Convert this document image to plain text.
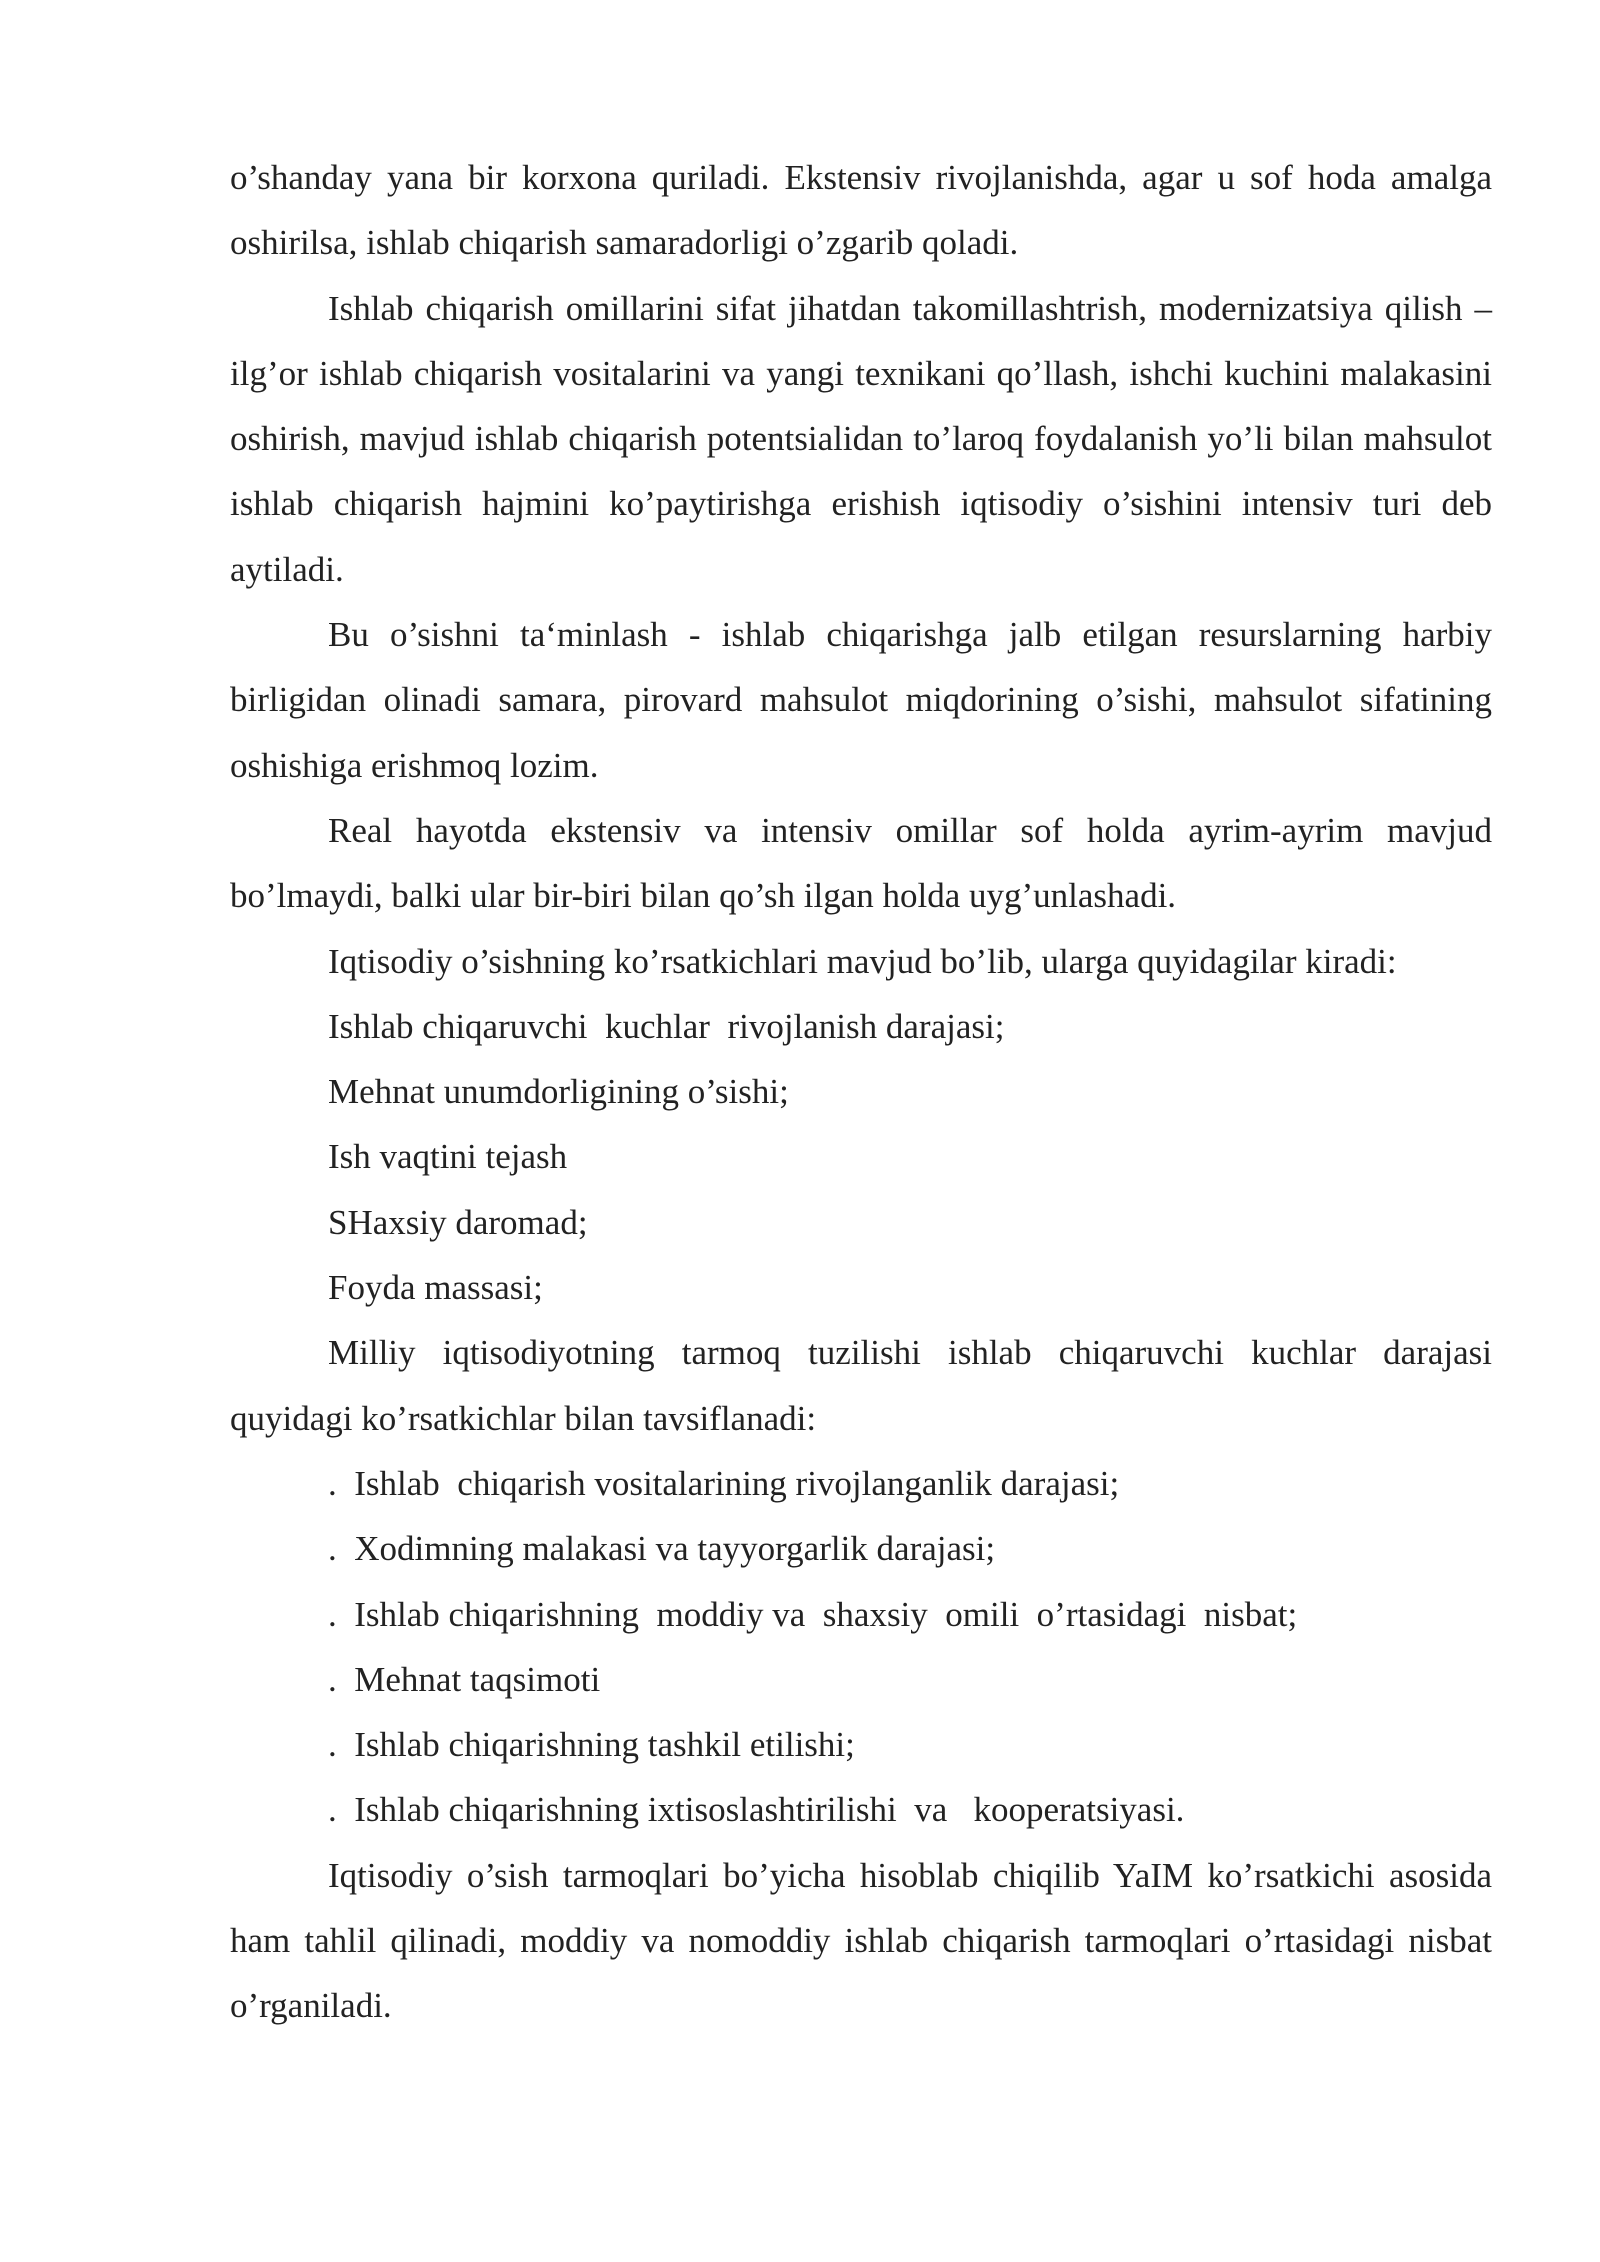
o’shanday yana bir korxona quriladi. Ekstensiv rivojlanishda, agar u sof hoda amalga oshirilsa, ishlab chiqarish samaradorligi o’zgarib qoladi.

Ishlab chiqarish omillarini sifat jihatdan takomillashtrish, modernizatsiya qilish – ilg’or ishlab chiqarish vositalarini va yangi texnikani qo’llash, ishchi kuchini malakasini oshirish, mavjud ishlab chiqarish potentsialidan to’laroq foydalanish yo’li bilan mahsulot ishlab chiqarish hajmini ko’paytirishga erishish iqtisodiy o’sishini intensiv turi deb aytiladi.

Bu o’sishni ta‘minlash - ishlab chiqarishga jalb etilgan resurslarning harbiy birligidan olinadi samara, pirovard mahsulot miqdorining o’sishi, mahsulot sifatining oshishiga erishmoq lozim.

Real hayotda ekstensiv va intensiv omillar sof holda ayrim-ayrim mavjud bo’lmaydi, balki ular bir-biri bilan qo’sh ilgan holda uyg’unlashadi.

Iqtisodiy o’sishning ko’rsatkichlari mavjud bo’lib, ularga quyidagilar kiradi:

Ishlab chiqaruvchi  kuchlar  rivojlanish darajasi;

Mehnat unumdorligining o’sishi;

Ish vaqtini tejash

SHaxsiy daromad;

Foyda massasi;

Milliy iqtisodiyotning tarmoq tuzilishi ishlab chiqaruvchi kuchlar darajasi quyidagi ko’rsatkichlar bilan tavsiflanadi:

.  Ishlab  chiqarish vositalarining rivojlanganlik darajasi;

.  Xodimning malakasi va tayyorgarlik darajasi;

.  Ishlab chiqarishning  moddiy va  shaxsiy  omili  o’rtasidagi  nisbat;

.  Mehnat taqsimoti

.  Ishlab chiqarishning tashkil etilishi;

.  Ishlab chiqarishning ixtisoslashtirilishi  va   kooperatsiyasi.

Iqtisodiy o’sish tarmoqlari bo’yicha hisoblab chiqilib YaIM ko’rsatkichi asosida ham tahlil qilinadi, moddiy va nomoddiy ishlab chiqarish tarmoqlari o’rtasidagi nisbat o’rganiladi.
